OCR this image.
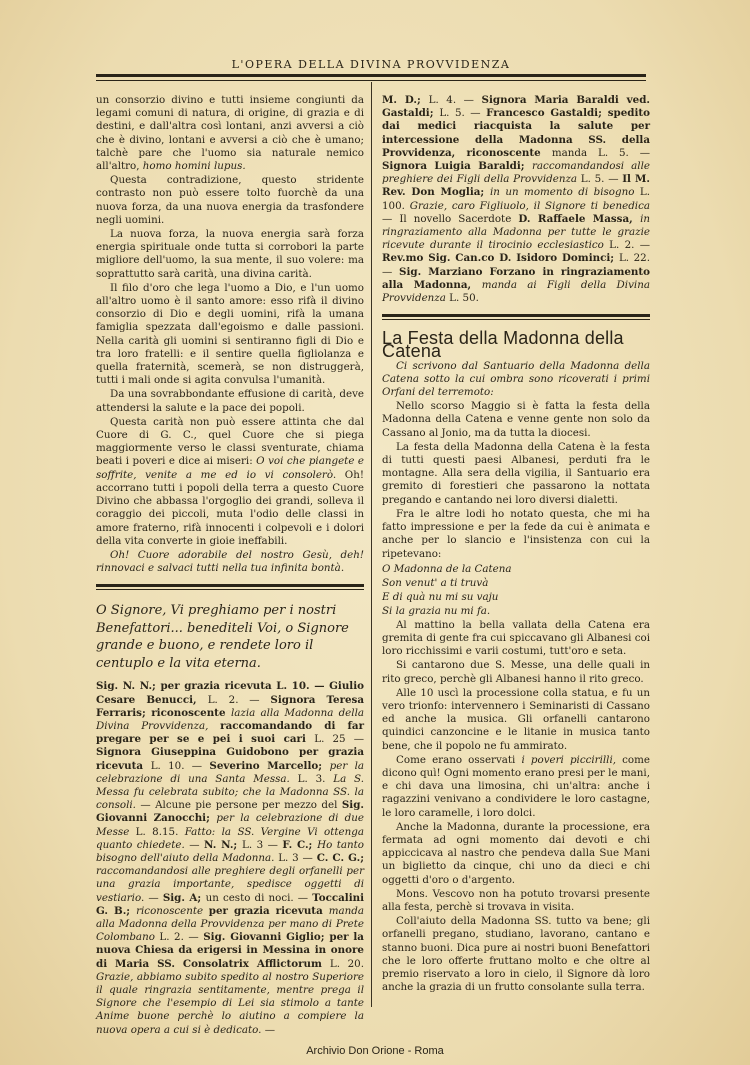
L'OPERA DELLA DIVINA PROVVIDENZA

un consorzio divino e tutti insieme congiunti da legami comuni di natura, di origine, di grazia e di destini, e dall'altra così lontani, anzi avversi a ciò che è divino, lontani e avversi a ciò che è umano; talchè pare che l'uomo sia naturale nemico all'altro, homo homini lupus.

Questa contradizione, questo stridente contrasto non può essere tolto fuorchè da una nuova forza, da una nuova energia da trasfondere negli uomini.

La nuova forza, la nuova energia sarà forza energia spirituale onde tutta si corrobori la parte migliore dell'uomo, la sua mente, il suo volere: ma soprattutto sarà carità, una divina carità.

Il filo d'oro che lega l'uomo a Dio, e l'un uomo all'altro uomo è il santo amore: esso rifà il divino consorzio di Dio e degli uomini, rifà la umana famiglia spezzata dall'egoismo e dalle passioni. Nella carità gli uomini si sentiranno figli di Dio e tra loro fratelli: e il sentire quella figliolanza e quella fraternità, scemerà, se non distruggerà, tutti i mali onde si agita convulsa l'umanità.

Da una sovrabbondante effusione di carità, deve attendersi la salute e la pace dei popoli.

Questa carità non può essere attinta che dal Cuore di G. C., quel Cuore che si piega maggiormente verso le classi sventurate, chiama beati i poveri e dice ai miseri: O voi che piangete e soffrite, venite a me ed io vi consolerò. Oh! accorrano tutti i popoli della terra a questo Cuore Divino che abbassa l'orgoglio dei grandi, solleva il coraggio dei piccoli, muta l'odio delle classi in amore fraterno, rifà innocenti i colpevoli e i dolori della vita converte in gioie ineffabili.

Oh! Cuore adorabile del nostro Gesù, deh! rinnovaci e salvaci tutti nella tua infinita bontà.

O Signore, Vi preghiamo per i nostri Benefattori... benediteli Voi, o Signore grande e buono, e rendete loro il centuplo e la vita eterna.

Sig. N. N.; per grazia ricevuta L. 10. — Giulio Cesare Benucci, L. 2. — Signora Teresa Ferraris; riconoscente lazia alla Madonna della Divina Provvidenza, raccomandando di far pregare per se e pei i suoi cari L. 25 — Signora Giuseppina Guidobono per grazia ricevuta L. 10. — Severino Marcello; per la celebrazione di una Santa Messa. L. 3. La S. Messa fu celebrata subito; che la Madonna SS. la consoli. — Alcune pie persone per mezzo del Sig. Giovanni Zanocchi; per la celebrazione di due Messe L. 8.15. Fatto: la SS. Vergine Vi ottenga quanto chiedete. — N. N.; L. 3 — F. C.; Ho tanto bisogno dell'aiuto della Madonna. L. 3 — C. C. G.; raccomandandosi alle preghiere degli orfanelli per una grazia importante, spedisce oggetti di vestiario. — Sig. A; un cesto di noci. — Toccalini G. B.; riconoscente per grazia ricevuta manda alla Madonna della Provvidenza per mano di Prete Colombano L. 2. — Sig. Giovanni Giglio; per la nuova Chiesa da erigersi in Messina in onore di Maria SS. Consolatrix Afflictorum L. 20. Grazie, abbiamo subito spedito al nostro Superiore il quale ringrazia sentitamente, mentre prega il Signore che l'esempio di Lei sia stimolo a tante Anime buone perchè lo aiutino a compiere la nuova opera a cui si è dedicato. —

M. D.; L. 4. — Signora Maria Baraldi ved. Gastaldi; L. 5. — Francesco Gastaldi; spedito dai medici riacquista la salute per intercessione della Madonna SS. della Provvidenza, riconoscente manda L. 5. — Signora Luigia Baraldi; raccomandandosi alle preghiere dei Figli della Provvidenza L. 5. — Il M. Rev. Don Moglia; in un momento di bisogno L. 100. Grazie, caro Figliuolo, il Signore ti benedica — Il novello Sacerdote D. Raffaele Massa, in ringraziamento alla Madonna per tutte le grazie ricevute durante il tirocinio ecclesiastico L. 2. — Rev.mo Sig. Can.co D. Isidoro Dominci; L. 22. — Sig. Marziano Forzano in ringraziamento alla Madonna, manda ai Figli della Divina Provvidenza L. 50.

La Festa della Madonna della Catena

Ci scrivono dal Santuario della Madonna della Catena sotto la cui ombra sono ricoverati i primi Orfani del terremoto:

Nello scorso Maggio si è fatta la festa della Madonna della Catena e venne gente non solo da Cassano al Jonio, ma da tutta la diocesi.

La festa della Madonna della Catena è la festa di tutti questi paesi Albanesi, perduti fra le montagne. Alla sera della vigilia, il Santuario era gremito di forestieri che passarono la nottata pregando e cantando nei loro diversi dialetti.

Fra le altre lodi ho notato questa, che mi ha fatto impressione e per la fede da cui è animata e anche per lo slancio e l'insistenza con cui la ripetevano:

O Madonna de la Catena
Son venut' a ti truvà
E di quà nu mi su vaju
Si la grazia nu mi fa.

Al mattino la bella vallata della Catena era gremita di gente fra cui spiccavano gli Albanesi coi loro ricchissimi e varii costumi, tutt'oro e seta.

Si cantarono due S. Messe, una delle quali in rito greco, perchè gli Albanesi hanno il rito greco.

Alle 10 uscì la processione colla statua, e fu un vero trionfo: intervennero i Seminaristi di Cassano ed anche la musica. Gli orfanelli cantarono quindici canzoncine e le litanie in musica tanto bene, che il popolo ne fu ammirato.

Come erano osservati i poveri piccirilli, come dicono quì! Ogni momento erano presi per le mani, e chi dava una limosina, chi un'altra: anche i ragazzini venivano a condividere le loro castagne, le loro caramelle, i loro dolci.

Anche la Madonna, durante la processione, era fermata ad ogni momento dai devoti e chi appiccicava al nastro che pendeva dalla Sue Mani un biglietto da cinque, chi uno da dieci e chi oggetti d'oro o d'argento.

Mons. Vescovo non ha potuto trovarsi presente alla festa, perchè si trovava in visita.

Coll'aiuto della Madonna SS. tutto va bene; gli orfanelli pregano, studiano, lavorano, cantano e stanno buoni. Dica pure ai nostri buoni Benefattori che le loro offerte fruttano molto e che oltre al premio riservato a loro in cielo, il Signore dà loro anche la grazia di un frutto consolante sulla terra.

Archivio Don Orione - Roma
